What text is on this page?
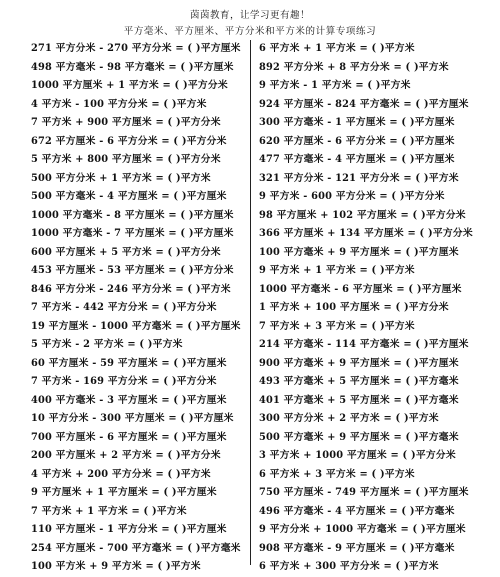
茵茵教育，让学习更有趣！
平方毫米、平方厘米、平方分米和平方米的计算专项练习
271 平方分米 - 270 平方分米 = ( )平方厘米
498 平方毫米 - 98 平方毫米 = ( )平方厘米
1000 平方厘米 + 1 平方米 = ( )平方分米
4 平方米 - 100 平方分米 = ( )平方米
7 平方米 + 900 平方厘米 = ( )平方分米
672 平方厘米 - 6 平方分米 = ( )平方分米
5 平方米 + 800 平方厘米 = ( )平方分米
500 平方分米 + 1 平方米 = ( )平方米
500 平方毫米 - 4 平方厘米 = ( )平方厘米
1000 平方毫米 - 8 平方厘米 = ( )平方厘米
1000 平方毫米 - 7 平方厘米 = ( )平方厘米
600 平方厘米 + 5 平方米 = ( )平方分米
453 平方厘米 - 53 平方厘米 = ( )平方分米
846 平方分米 - 246 平方分米 = ( )平方米
7 平方米 - 442 平方分米 = ( )平方分米
19 平方厘米 - 1000 平方毫米 = ( )平方厘米
5 平方米 - 2 平方米 = ( )平方米
60 平方厘米 - 59 平方厘米 = ( )平方厘米
7 平方米 - 169 平方分米 = ( )平方分米
400 平方毫米 - 3 平方厘米 = ( )平方厘米
10 平方分米 - 300 平方厘米 = ( )平方厘米
700 平方厘米 - 6 平方厘米 = ( )平方厘米
200 平方厘米 + 2 平方米 = ( )平方分米
4 平方米 + 200 平方分米 = ( )平方米
9 平方厘米 + 1 平方厘米 = ( )平方厘米
7 平方米 + 1 平方米 = ( )平方米
110 平方厘米 - 1 平方分米 = ( )平方厘米
254 平方厘米 - 700 平方毫米 = ( )平方毫米
100 平方米 + 9 平方米 = ( )平方米
6 平方米 + 1 平方米 = ( )平方米
892 平方分米 + 8 平方分米 = ( )平方米
9 平方米 - 1 平方米 = ( )平方米
924 平方厘米 - 824 平方毫米 = ( )平方厘米
300 平方毫米 - 1 平方厘米 = ( )平方厘米
620 平方厘米 - 6 平方分米 = ( )平方厘米
477 平方毫米 - 4 平方厘米 = ( )平方厘米
321 平方分米 - 121 平方分米 = ( )平方米
9 平方米 - 600 平方分米 = ( )平方分米
98 平方厘米 + 102 平方厘米 = ( )平方分米
366 平方厘米 + 134 平方厘米 = ( )平方分米
100 平方毫米 + 9 平方厘米 = ( )平方厘米
9 平方米 + 1 平方米 = ( )平方米
1000 平方毫米 - 6 平方厘米 = ( )平方厘米
1 平方米 + 100 平方厘米 = ( )平方分米
7 平方米 + 3 平方米 = ( )平方米
214 平方毫米 - 114 平方毫米 = ( )平方厘米
900 平方毫米 + 9 平方厘米 = ( )平方厘米
493 平方毫米 + 5 平方厘米 = ( )平方毫米
401 平方毫米 + 5 平方厘米 = ( )平方毫米
300 平方分米 + 2 平方米 = ( )平方米
500 平方毫米 + 9 平方厘米 = ( )平方毫米
3 平方米 + 1000 平方厘米 = ( )平方分米
6 平方米 + 3 平方米 = ( )平方米
750 平方厘米 - 749 平方厘米 = ( )平方厘米
496 平方毫米 - 4 平方厘米 = ( )平方毫米
9 平方分米 + 1000 平方毫米 = ( )平方厘米
908 平方毫米 - 9 平方厘米 = ( )平方毫米
6 平方米 + 300 平方分米 = ( )平方米
